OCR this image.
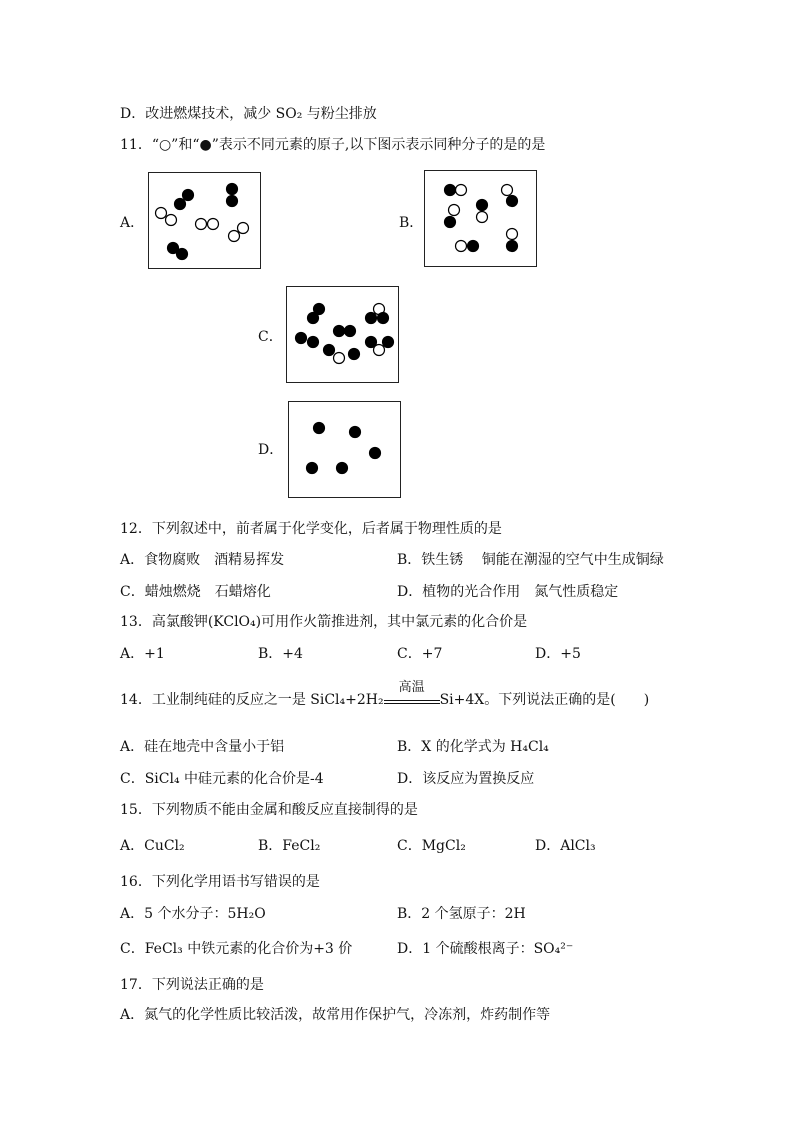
D．改进燃煤技术，减少 SO₂ 与粉尘排放
11．“○”和“●”表示不同元素的原子,以下图示表示同种分子的是的是
A．	B．
C．
D．
12．下列叙述中，前者属于化学变化，后者属于物理性质的是
A．食物腐败　酒精易挥发	B．铁生锈　 铜能在潮湿的空气中生成铜绿
C．蜡烛燃烧　石蜡熔化	D．植物的光合作用　氮气性质稳定
13．高氯酸钾(KClO₄)可用作火箭推进剂，其中氯元素的化合价是
A．+1	B．+4	C．+7	D．+5
14．工业制纯硅的反应之一是 SiCl₄+2H₂
高温
Si+4X。下列说法正确的是(　　)
A．硅在地壳中含量小于铝	B．X 的化学式为 H₄Cl₄
C．SiCl₄ 中硅元素的化合价是-4	D．该反应为置换反应
15．下列物质不能由金属和酸反应直接制得的是
A．CuCl₂	B．FeCl₂	C．MgCl₂	D．AlCl₃
16．下列化学用语书写错误的是
A．5 个水分子：5H₂O	B．2 个氢原子：2H
C．FeCl₃ 中铁元素的化合价为+3 价	D．1 个硫酸根离子：SO₄²⁻
17．下列说法正确的是
A．氮气的化学性质比较活泼，故常用作保护气，冷冻剂，炸药制作等
